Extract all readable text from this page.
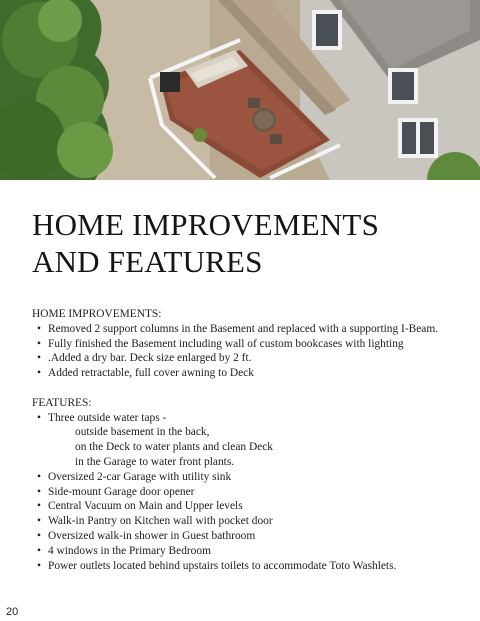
HOME IMPROVEMENTS
AND FEATURES

HOME IMPROVEMENTS:

• Removed 2 support columns in the Basement and replaced with a supporting I-Beam.
• Fully finished the Basement including wall of custom bookcases with lighting
• .Added a dry bar. Deck size enlarged by 2 ft.
• Added retractable, full cover awning to Deck

FEATURES:

• Three outside water taps -
outside basement in the back,
on the Deck to water plants and clean Deck
in the Garage to water front plants.
• Oversized 2-car Garage with utility sink
• Side-mount Garage door opener
• Central Vacuum on Main and Upper levels
• Walk-in Pantry on Kitchen wall with pocket door
• Oversized walk-in shower in Guest bathroom
• 4 windows in the Primary Bedroom
• Power outlets located behind upstairs toilets to accommodate Toto Washlets.
20
